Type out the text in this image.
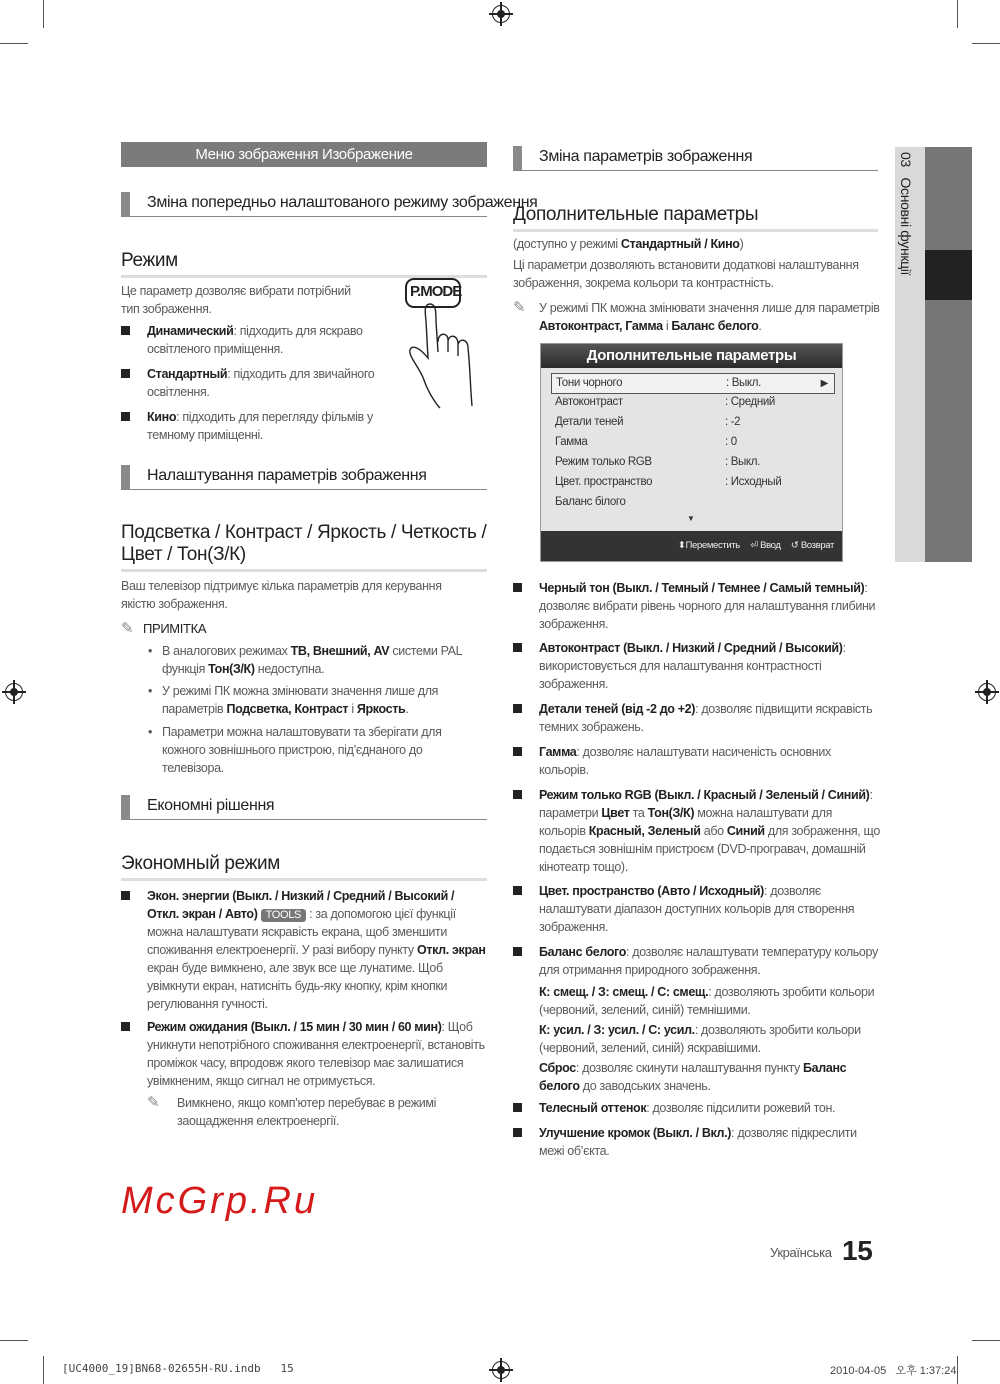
Меню зображення Изображение
Зміна попередньо налаштованого режиму зображення
Режим
Це параметр дозволяє вибрати потрібний
тип зображення.
Динамический: підходить для яскраво освітленого приміщення.
Стандартный: підходить для звичайного освітлення.
Кино: підходить для перегляду фільмів у темному приміщенні.
P.MODE
Налаштування параметрів зображення
Подсветка / Контраст / Яркость / Четкость / Цвет / Тон(З/К)
Ваш телевізор підтримує кілька параметрів для керування якістю зображення.
✎ ПРИМІТКА
• В аналогових режимах ТВ, Внешний, AV системи PAL функція Тон(З/К) недоступна.
• У режимі ПК можна змінювати значення лише для параметрів Подсветка, Контраст і Яркость.
• Параметри можна налаштовувати та зберігати для кожного зовнішнього пристрою, під’єднаного до телевізора.
Економні рішення
Экономный режим
Экон. энергии (Выкл. / Низкий / Средний / Высокий / Откл. экран / Авто) TOOLS : за допомогою цієї функції можна налаштувати яскравість екрана, щоб зменшити споживання електроенергії. У разі вибору пункту Откл. экран екран буде вимкнено, але звук все ще лунатиме. Щоб увімкнути екран, натисніть будь-яку кнопку, крім кнопки регулювання гучності.
Режим ожидания (Выкл. / 15 мин / 30 мин / 60 мин): Щоб уникнути непотрібного споживання електроенергії, встановіть проміжок часу, впродовж якого телевізор має залишатися увімкненим, якщо сигнал не отримується.
✎ Вимкнено, якщо комп’ютер перебуває в режимі заощадження електроенергії.
Зміна параметрів зображення
Дополнительные параметры
(доступно у режимі Стандартный / Кино)
Ці параметри дозволяють встановити додаткові налаштування зображення, зокрема кольори та контрастність.
✎ У режимі ПК можна змінювати значення лише для параметрів Автоконтраст, Гамма і Баланс белого.
Дополнительные параметры
Тони чорного	: Выкл.	▶
Автоконтраст	: Средний
Детали теней	: -2
Гамма	: 0
Режим только RGB	: Выкл.
Цвет. пространство	: Исходный
Баланс білого
▼
⬍Переместить ⏎ Ввод ↺ Возврат
Черный тон (Выкл. / Темный / Темнее / Самый темный): дозволяє вибрати рівень чорного для налаштування глибини зображення.
Автоконтраст (Выкл. / Низкий / Средний / Высокий): використовується для налаштування контрастності зображення.
Детали теней (від -2 до +2): дозволяє підвищити яскравість темних зображень.
Гамма: дозволяє налаштувати насиченість основних кольорів.
Режим только RGB (Выкл. / Красный / Зеленый / Синий): параметри Цвет та Тон(З/К) можна налаштувати для кольорів Красный, Зеленый або Синий для зображення, що подається зовнішнім пристроєм (DVD-програвач, домашній кінотеатр тощо).
Цвет. пространство (Авто / Исходный): дозволяє налаштувати діапазон доступних кольорів для створення зображення.
Баланс белого: дозволяє налаштувати температуру кольору для отримання природного зображення.
К: смещ. / З: смещ. / С: смещ.: дозволяють зробити кольори (червоний, зелений, синій) темнішими.
К: усил. / З: усил. / С: усил.: дозволяють зробити кольори (червоний, зелений, синій) яскравішими.
Сброс: дозволяє скинути налаштування пункту Баланс белого до заводських значень.
Телесный оттенок: дозволяє підсилити рожевий тон.
Улучшение кромок (Выкл. / Вкл.): дозволяє підкреслити межі об’єкта.
03   Основні функції
McGrp.Ru
Українська 15
[UC4000_19]BN68-02655H-RU.indb   15	2010-04-05   오후 1:37:24
